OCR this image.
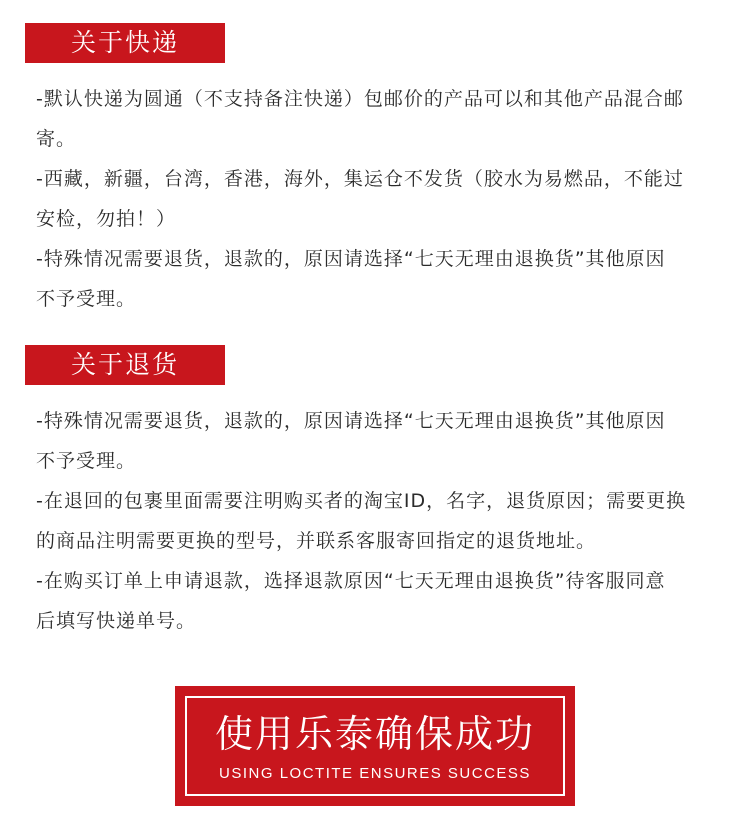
关于快递
-默认快递为圆通（不支持备注快递）包邮价的产品可以和其他产品混合邮
寄。
-西藏，新疆，台湾，香港，海外，集运仓不发货（胶水为易燃品，不能过
安检，勿拍！）
-特殊情况需要退货，退款的，原因请选择“七天无理由退换货”其他原因
不予受理。
关于退货
-特殊情况需要退货，退款的，原因请选择“七天无理由退换货”其他原因
不予受理。
-在退回的包裹里面需要注明购买者的淘宝ID，名字，退货原因；需要更换
的商品注明需要更换的型号，并联系客服寄回指定的退货地址。
-在购买订单上申请退款，选择退款原因“七天无理由退换货”待客服同意
后填写快递单号。
使用乐泰确保成功
USING LOCTITE ENSURES SUCCESS
